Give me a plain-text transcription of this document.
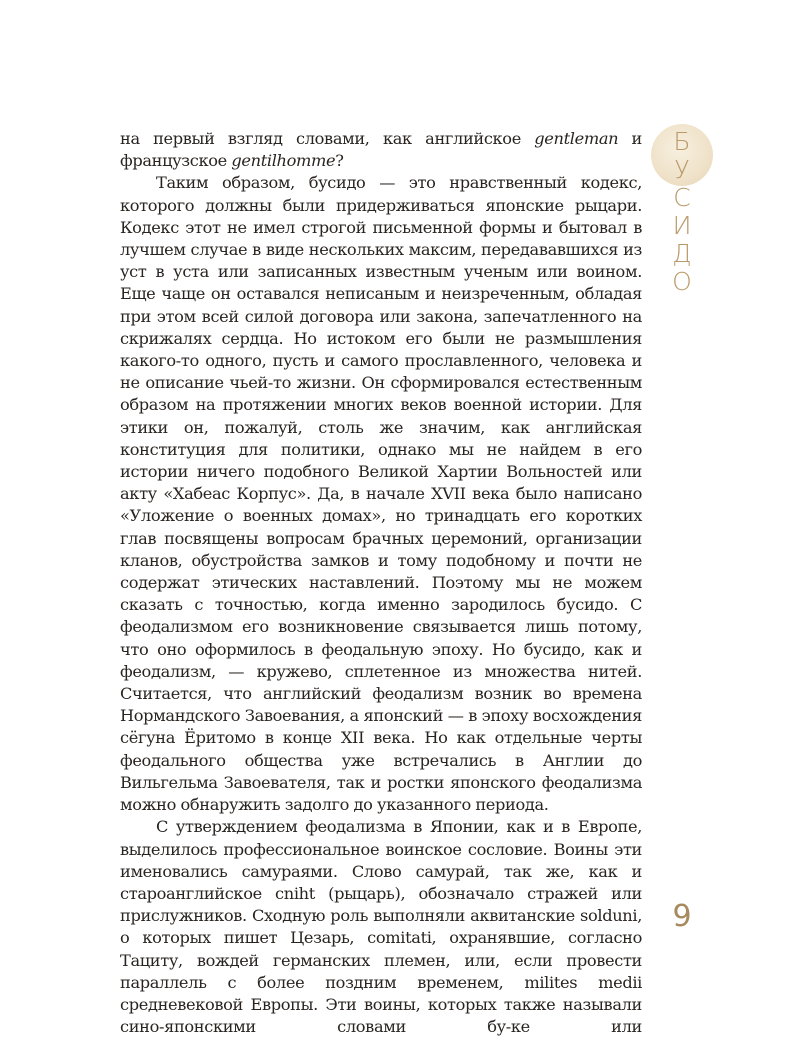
Б
У
С
И
Д
О

на первый взгляд словами, как английское gentleman и французское gentilhomme?

Таким образом, бусидо — это нравственный кодекс, которого должны были придерживаться японские рыцари. Кодекс этот не имел строгой письменной формы и бытовал в лучшем случае в виде нескольких максим, передававшихся из уст в уста или записанных известным ученым или воином. Еще чаще он оставался неписаным и неизреченным, обладая при этом всей силой договора или закона, запечатленного на скрижалях сердца. Но истоком его были не размышления какого-то одного, пусть и самого прославленного, человека и не описание чьей-то жизни. Он сформировался естественным образом на протяжении многих веков военной истории. Для этики он, пожалуй, столь же значим, как английская конституция для политики, однако мы не найдем в его истории ничего подобного Великой Хартии Вольностей или акту «Хабеас Корпус». Да, в начале XVII века было написано «Уложение о военных домах», но тринадцать его коротких глав посвящены вопросам брачных церемоний, организации кланов, обустройства замков и тому подобному и почти не содержат этических наставлений. Поэтому мы не можем сказать с точностью, когда именно зародилось бусидо. С феодализмом его возникновение связывается лишь потому, что оно оформилось в феодальную эпоху. Но бусидо, как и феодализм, — кружево, сплетенное из множества нитей. Считается, что английский феодализм возник во времена Нормандского Завоевания, а японский — в эпоху восхождения сёгуна Ёритомо в конце XII века. Но как отдельные черты феодального общества уже встречались в Англии до Вильгельма Завоевателя, так и ростки японского феодализма можно обнаружить задолго до указанного периода.

С утверждением феодализма в Японии, как и в Европе, выделилось профессиональное воинское сословие. Воины эти именовались самураями. Слово самурай, так же, как и староанглийское cniht (рыцарь), обозначало стражей или прислужников. Сходную роль выполняли аквитанские solduni, о которых пишет Цезарь, comitati, охранявшие, согласно Тациту, вождей германских племен, или, если провести параллель с более поздним временем, milites medii средневековой Европы. Эти воины, которых также называли сино-японскими словами бу-ке или

9
